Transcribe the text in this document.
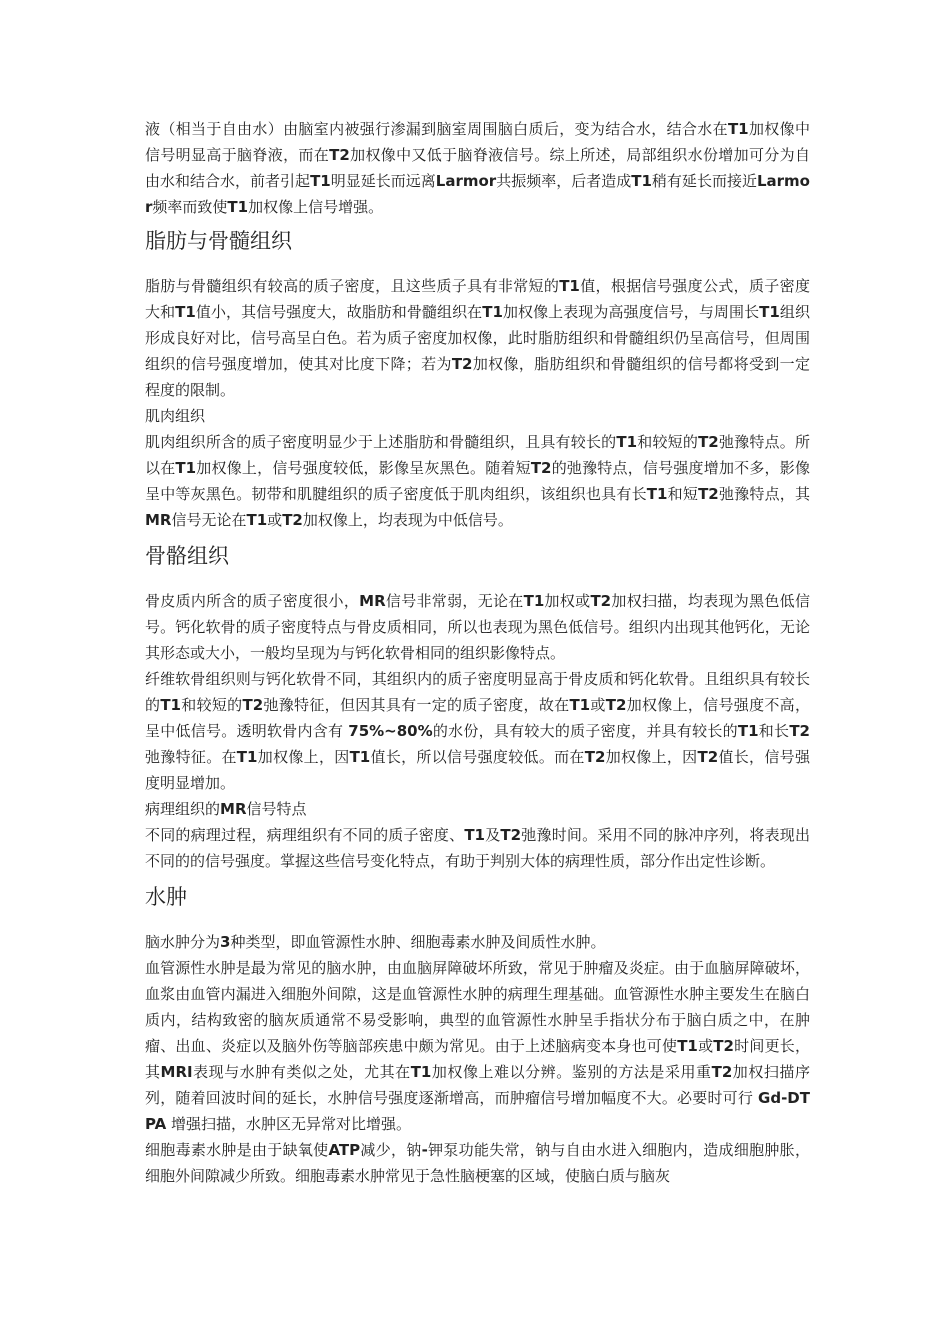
液（相当于自由水）由脑室内被强行渗漏到脑室周围脑白质后，变为结合水，结合水在T1加权像中信号明显高于脑脊液，而在T2加权像中又低于脑脊液信号。综上所述，局部组织水份增加可分为自由水和结合水，前者引起T1明显延长而远离Larmor共振频率，后者造成T1稍有延长而接近Larmor频率而致使T1加权像上信号增强。

脂肪与骨髓组织

脂肪与骨髓组织有较高的质子密度，且这些质子具有非常短的T1值，根据信号强度公式，质子密度大和T1值小，其信号强度大，故脂肪和骨髓组织在T1加权像上表现为高强度信号，与周围长T1组织形成良好对比，信号高呈白色。若为质子密度加权像，此时脂肪组织和骨髓组织仍呈高信号，但周围组织的信号强度增加，使其对比度下降；若为T2加权像，脂肪组织和骨髓组织的信号都将受到一定程度的限制。

肌肉组织

肌肉组织所含的质子密度明显少于上述脂肪和骨髓组织，且具有较长的T1和较短的T2弛豫特点。所以在T1加权像上，信号强度较低，影像呈灰黑色。随着短T2的弛豫特点，信号强度增加不多，影像呈中等灰黑色。韧带和肌腱组织的质子密度低于肌肉组织，该组织也具有长T1和短T2弛豫特点，其MR信号无论在T1或T2加权像上，均表现为中低信号。

骨骼组织

骨皮质内所含的质子密度很小，MR信号非常弱，无论在T1加权或T2加权扫描，均表现为黑色低信号。钙化软骨的质子密度特点与骨皮质相同，所以也表现为黑色低信号。组织内出现其他钙化，无论其形态或大小，一般均呈现为与钙化软骨相同的组织影像特点。

纤维软骨组织则与钙化软骨不同，其组织内的质子密度明显高于骨皮质和钙化软骨。且组织具有较长的T1和较短的T2弛豫特征，但因其具有一定的质子密度，故在T1或T2加权像上，信号强度不高，呈中低信号。透明软骨内含有 75%~80%的水份，具有较大的质子密度，并具有较长的T1和长T2弛豫特征。在T1加权像上，因T1值长，所以信号强度较低。而在T2加权像上，因T2值长，信号强度明显增加。

病理组织的MR信号特点

不同的病理过程，病理组织有不同的质子密度、T1及T2弛豫时间。采用不同的脉冲序列，将表现出不同的的信号强度。掌握这些信号变化特点，有助于判别大体的病理性质，部分作出定性诊断。

水肿

脑水肿分为3种类型，即血管源性水肿、细胞毒素水肿及间质性水肿。

血管源性水肿是最为常见的脑水肿，由血脑屏障破坏所致，常见于肿瘤及炎症。由于血脑屏障破坏，血浆由血管内漏进入细胞外间隙，这是血管源性水肿的病理生理基础。血管源性水肿主要发生在脑白质内，结构致密的脑灰质通常不易受影响，典型的血管源性水肿呈手指状分布于脑白质之中，在肿瘤、出血、炎症以及脑外伤等脑部疾患中颇为常见。由于上述脑病变本身也可使T1或T2时间更长，其MRI表现与水肿有类似之处，尤其在T1加权像上难以分辨。鉴别的方法是采用重T2加权扫描序列，随着回波时间的延长，水肿信号强度逐渐增高，而肿瘤信号增加幅度不大。必要时可行 Gd-DTPA 增强扫描，水肿区无异常对比增强。

细胞毒素水肿是由于缺氧使ATP减少，钠-钾泵功能失常，钠与自由水进入细胞内，造成细胞肿胀，细胞外间隙减少所致。细胞毒素水肿常见于急性脑梗塞的区域，使脑白质与脑灰
